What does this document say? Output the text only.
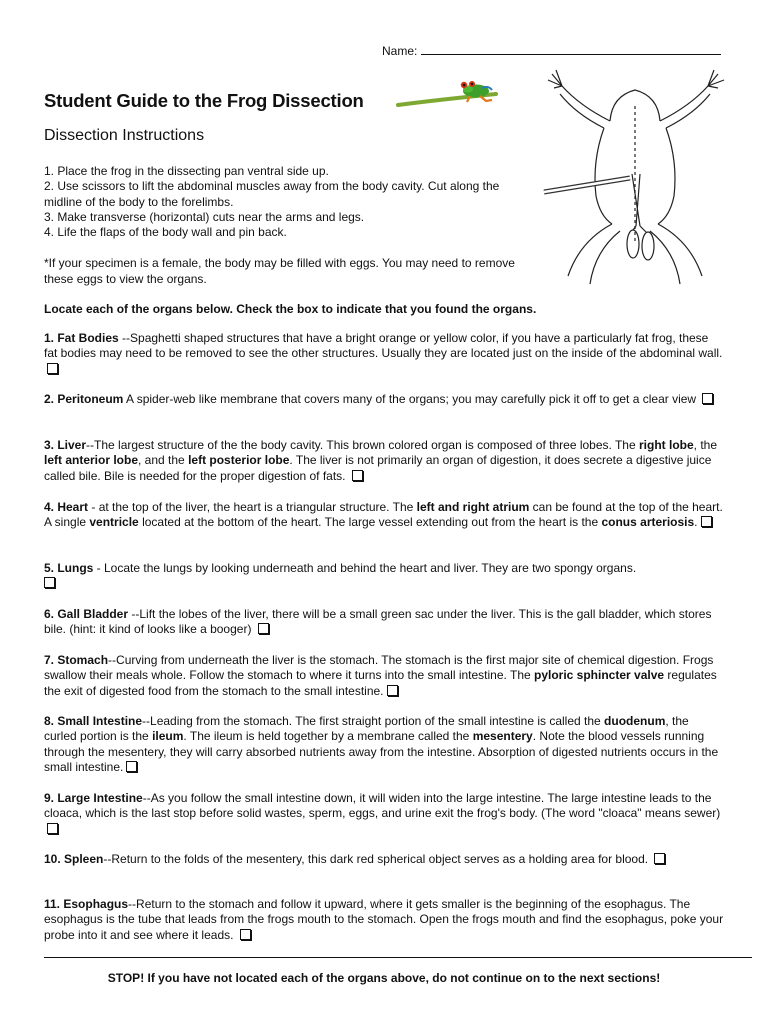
Name:
Student Guide to the Frog Dissection
Dissection Instructions

1. Place the frog in the dissecting pan ventral side up.

2. Use scissors to lift the abdominal muscles away from the body cavity. Cut along the midline of the body to the forelimbs.

3. Make transverse (horizontal) cuts near the arms and legs.

4. Life the flaps of the body wall and pin back.

*If your specimen is a female, the body may be filled with eggs. You may need to remove these eggs to view the organs.
Locate each of the organs below. Check the box to indicate that you found the organs.
1. Fat Bodies --Spaghetti shaped structures that have a bright orange or yellow color, if you have a particularly fat frog, these fat bodies may need to be removed to see the other structures. Usually they are located just on the inside of the abdominal wall.
2. Peritoneum A spider-web like membrane that covers many of the organs; you may carefully pick it off to get a clear view
3. Liver--The largest structure of the the body cavity. This brown colored organ is composed of three lobes. The right lobe, the left anterior lobe, and the left posterior lobe. The liver is not primarily an organ of digestion, it does secrete a digestive juice called bile. Bile is needed for the proper digestion of fats.
4. Heart - at the top of the liver, the heart is a triangular structure. The left and right atrium can be found at the top of the heart. A single ventricle located at the bottom of the heart. The large vessel extending out from the heart is the conus arteriosis.
5. Lungs - Locate the lungs by looking underneath and behind the heart and liver. They are two spongy organs.

6. Gall Bladder --Lift the lobes of the liver, there will be a small green sac under the liver. This is the gall bladder, which stores bile. (hint: it kind of looks like a booger)
7. Stomach--Curving from underneath the liver is the stomach. The stomach is the first major site of chemical digestion. Frogs swallow their meals whole. Follow the stomach to where it turns into the small intestine. The pyloric sphincter valve regulates the exit of digested food from the stomach to the small intestine.
8. Small Intestine--Leading from the stomach. The first straight portion of the small intestine is called the duodenum, the curled portion is the ileum. The ileum is held together by a membrane called the mesentery. Note the blood vessels running through the mesentery, they will carry absorbed nutrients away from the intestine. Absorption of digested nutrients occurs in the small intestine.
9. Large Intestine--As you follow the small intestine down, it will widen into the large intestine. The large intestine leads to the cloaca, which is the last stop before solid wastes, sperm, eggs, and urine exit the frog's body. (The word "cloaca" means sewer)
10. Spleen--Return to the folds of the mesentery, this dark red spherical object serves as a holding area for blood.
11. Esophagus--Return to the stomach and follow it upward, where it gets smaller is the beginning of the esophagus. The esophagus is the tube that leads from the frogs mouth to the stomach. Open the frogs mouth and find the esophagus, poke your probe into it and see where it leads.
STOP! If you have not located each of the organs above, do not continue on to the next sections!
